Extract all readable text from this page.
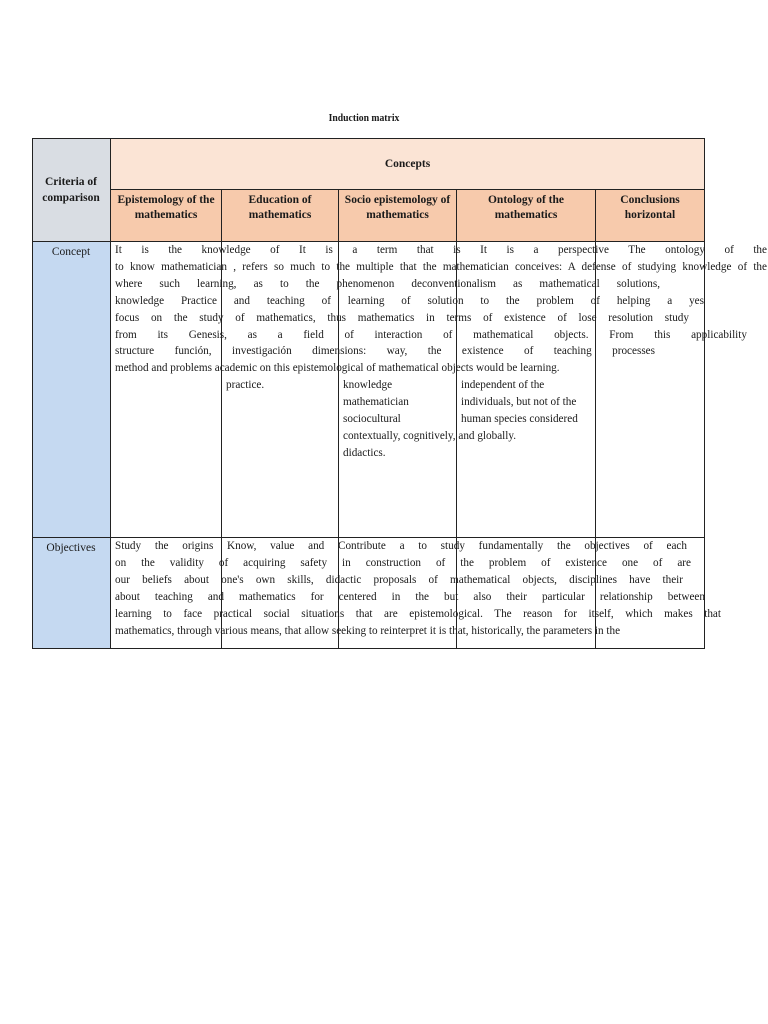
Induction matrix
Criteria of
comparison
Concept
Objectives
Concepts
Epistemology of the
mathematics
Education of
mathematics
Socio epistemology of
mathematics
Ontology of the
mathematics
Conclusions
horizontal
It is the knowledge of It is a term that is It is a perspective The ontology of the
to know mathematician , refers so much to the multiple that the mathematician conceives: A defense of studying knowledge of the
where such learning, as to the phenomenon deconventionalism as mathematical solutions,
knowledge Practice and teaching of learning of solution to the problem of helping a yes
focus on the study of mathematics, thus mathematics in terms of existence of lose resolution study
from its Genesis, as a field of interaction of mathematical objects. From this applicability
structure función, investigación dimensions: way, the existence of teaching processes
method and problems academic on this epistemological of mathematical objects would be learning.
practice.	knowledge
mathematician
sociocultural
contextually, cognitively, and globally.
didactics.
independent of the
individuals, but not of the
human species considered
Study the origins Know, value and Contribute a to study fundamentally the objectives of each
on the validity of acquiring safety in construction of the problem of existence one of are
our beliefs about one's own skills, didactic proposals of mathematical objects, disciplines have their
about teaching and mathematics for centered in the but also their particular relationship between
learning to face practical social situations that are epistemological. The reason for itself, which makes that
mathematics, through various means, that allow seeking to reinterpret it is that, historically, the parameters in the
